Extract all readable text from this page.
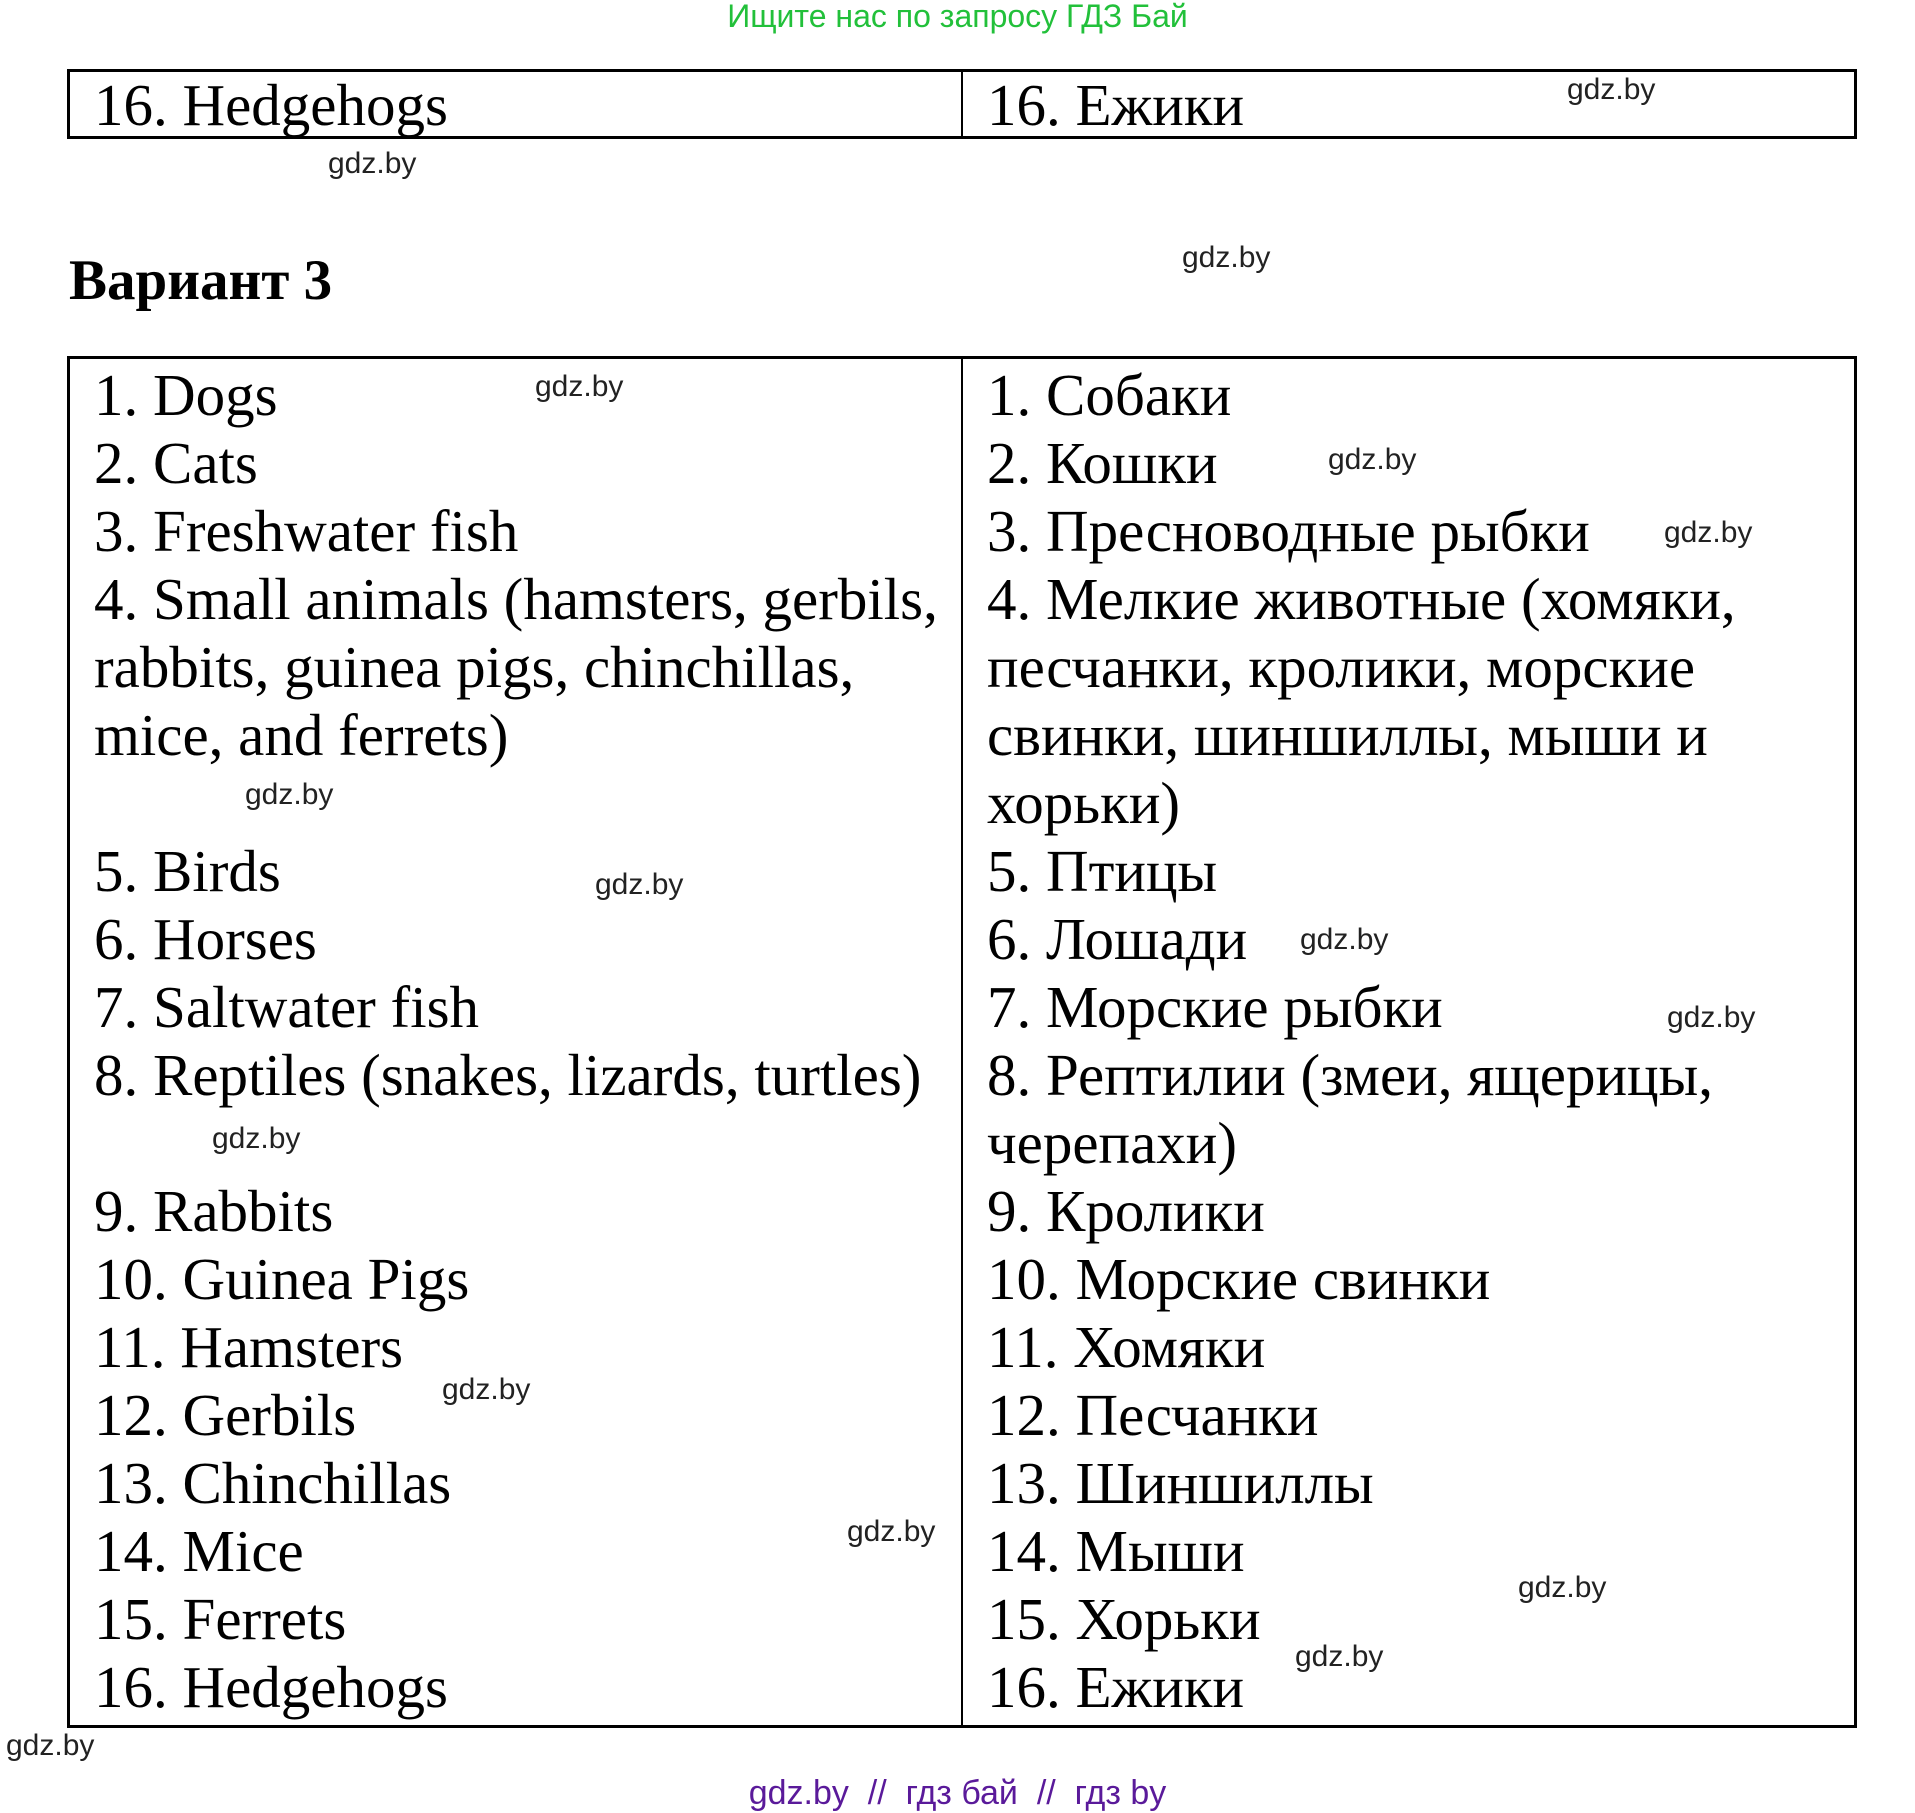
Ищите нас по запросу ГДЗ Бай
16. Hedgehogs	16. Ежики
Вариант 3
1. Dogs	1. Собаки
2. Cats	2. Кошки
3. Freshwater fish	3. Пресноводные рыбки
4. Small animals (hamsters, gerbils, rabbits, guinea pigs, chinchillas, mice, and ferrets)	4. Мелкие животные (хомяки, песчанки, кролики, морские свинки, шиншиллы, мыши и хорьки)
5. Birds	5. Птицы
6. Horses	6. Лошади
7. Saltwater fish	7. Морские рыбки
8. Reptiles (snakes, lizards, turtles)	8. Рептилии (змеи, ящерицы, черепахи)
9. Rabbits	9. Кролики
10. Guinea Pigs	10. Морские свинки
11. Hamsters	11. Хомяки
12. Gerbils	12. Песчанки
13. Chinchillas	13. Шиншиллы
14. Mice	14. Мыши
15. Ferrets	15. Хорьки
16. Hedgehogs	16. Ежики
gdz.by
gdz.by
gdz.by
gdz.by
gdz.by
gdz.by
gdz.by
gdz.by
gdz.by
gdz.by
gdz.by
gdz.by
gdz.by
gdz.by
gdz.by
gdz.by
gdz.by  //  гдз бай  //  гдз by
